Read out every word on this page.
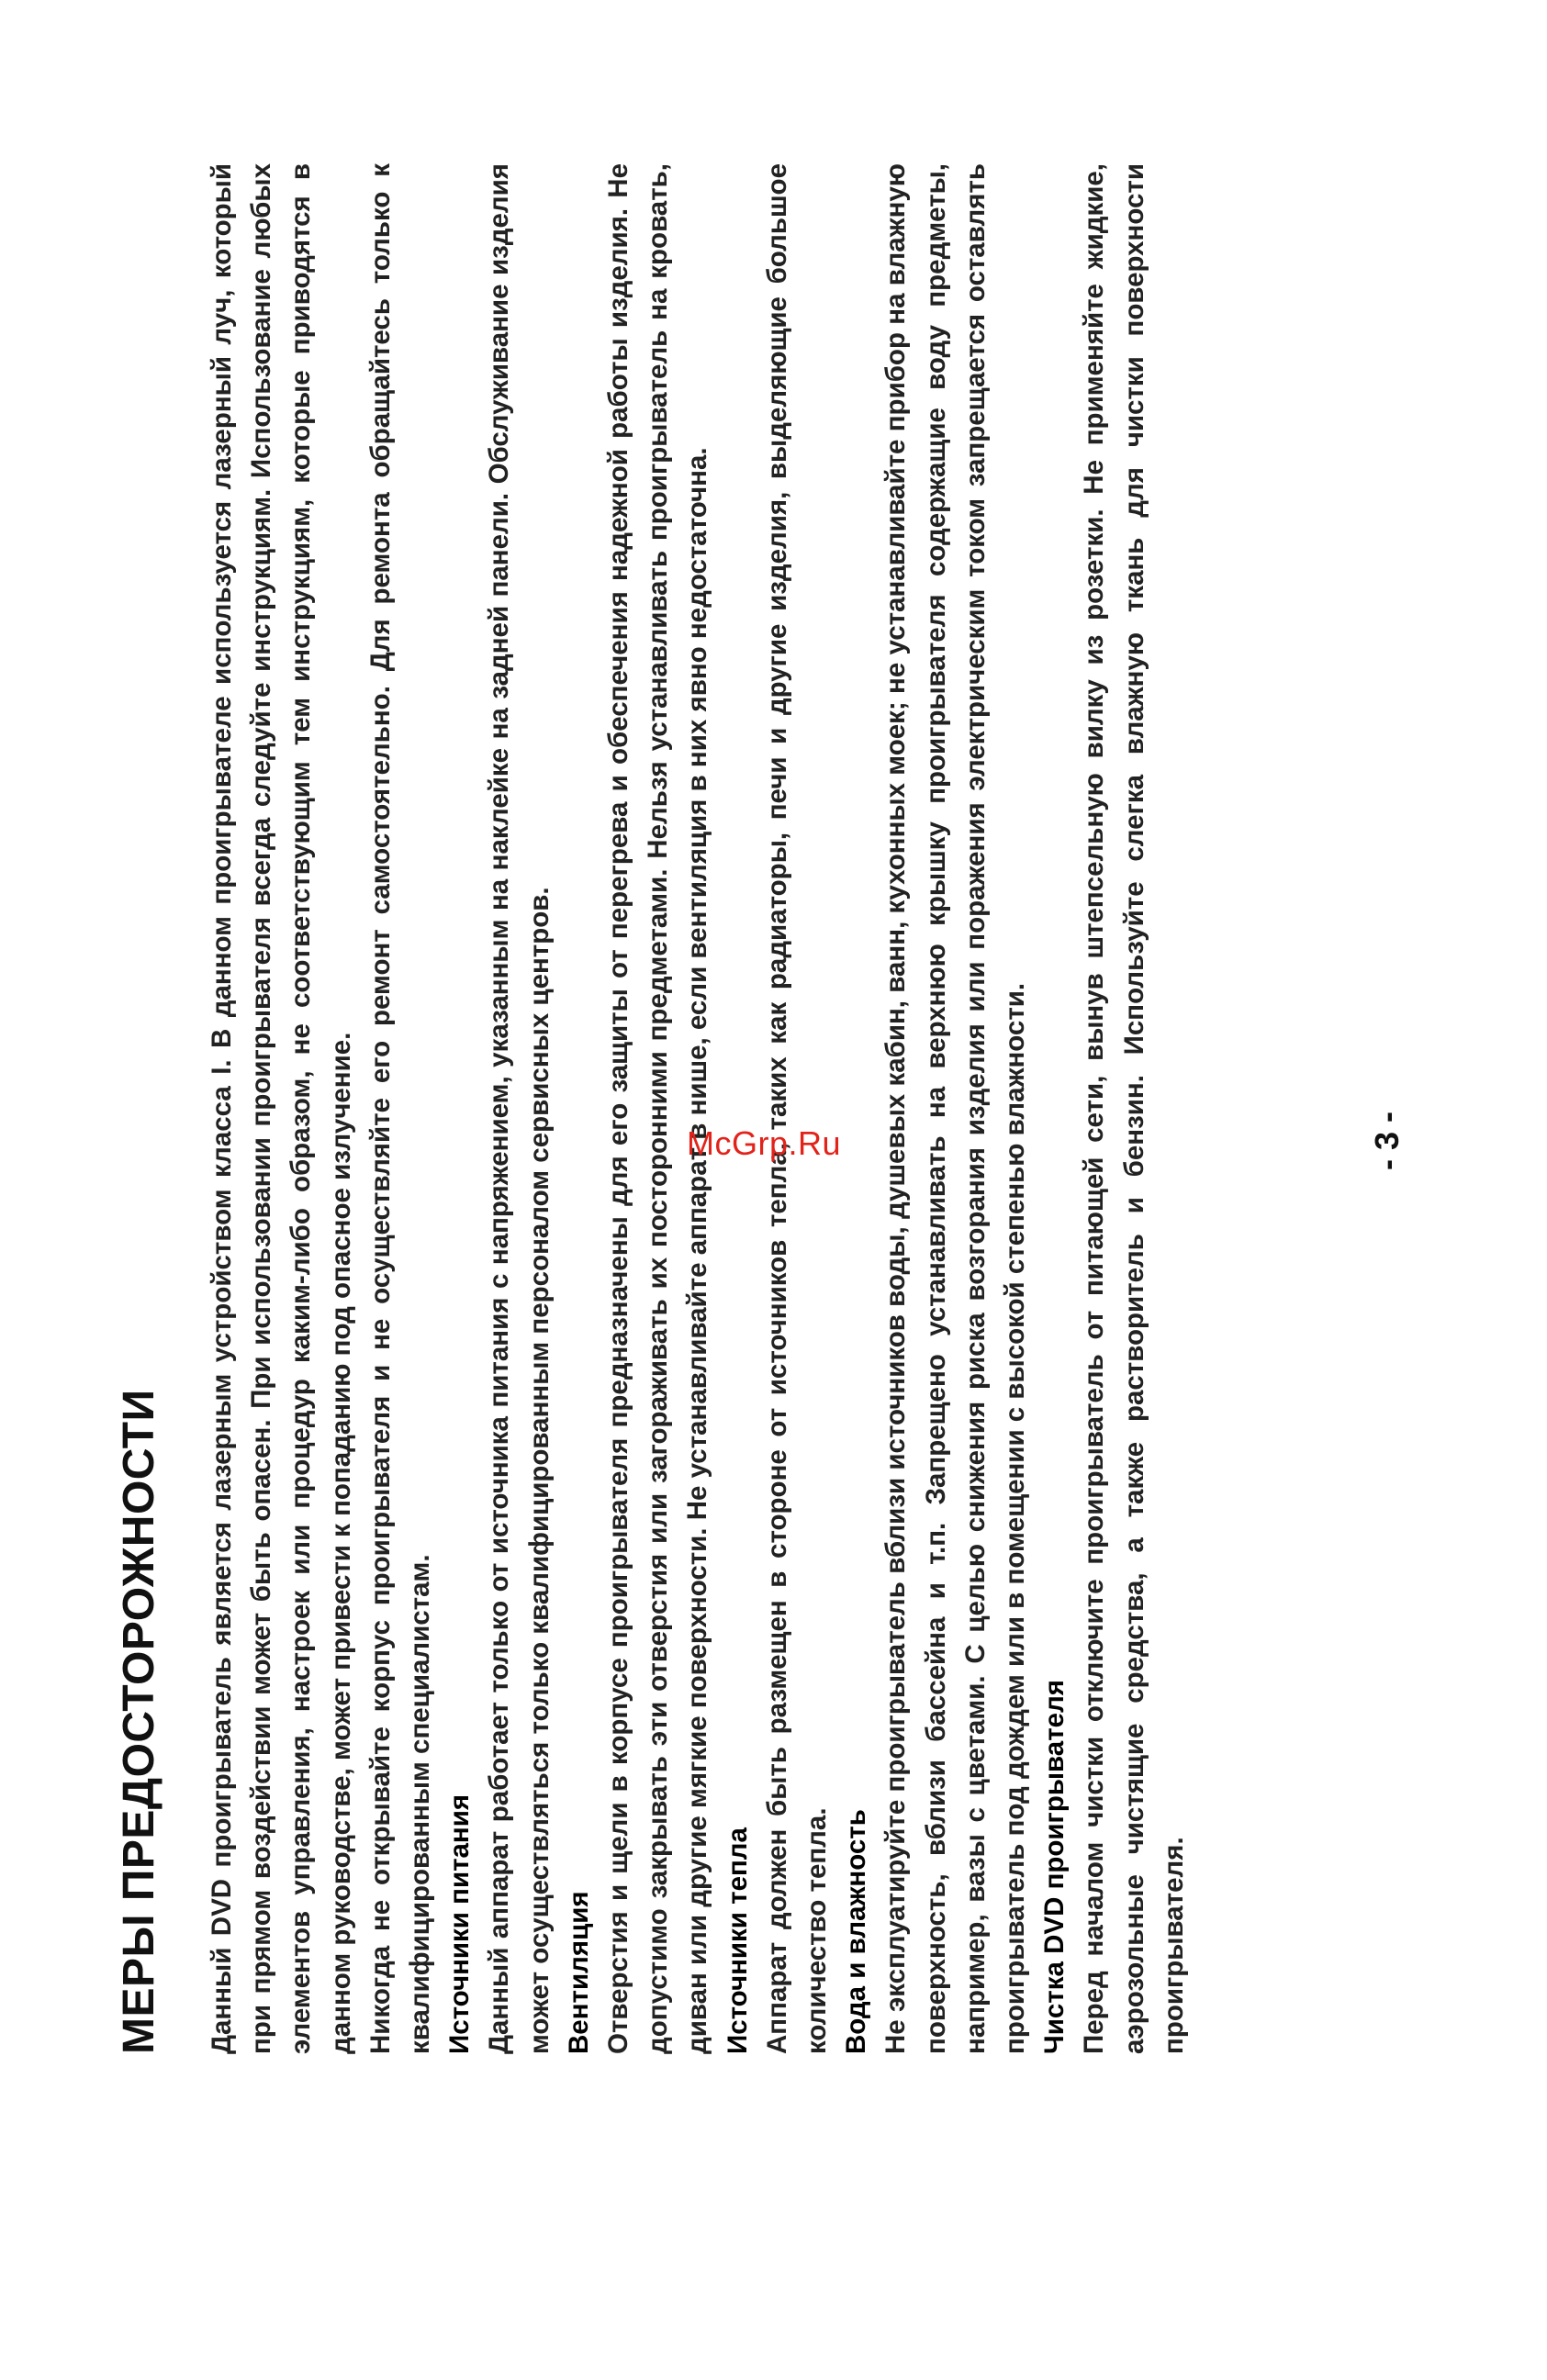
МЕРЫ ПРЕДОСТОРОЖНОСТИ Данный DVD проигрыватель является лазерным устройством класса I. В данном проигрывателе используется лазерный луч, который при прямом воздействии может быть опасен. При использовании проигрывателя всегда следуйте инструкциям. Использование любых элементов управления, настроек или процедур каким-либо образом, не соответствующим тем инструкциям, которые приводятся в данном руководстве, может привести к попаданию под опасное излучение. Никогда не открывайте корпус проигрывателя и не осуществляйте его ремонт самостоятельно. Для ремонта обращайтесь только к квалифицированным специалистам. Источники питания Данный аппарат работает только от источника питания с напряжением, указанным на наклейке на задней панели. Обслуживание изделия может осуществляться только квалифицированным персоналом сервисных центров. Вентиляция Отверстия и щели в корпусе проигрывателя предназначены для его защиты от перегрева и обеспечения надежной работы изделия. Не допустимо закрывать эти отверстия или загораживать их посторонними предметами. Нельзя устанавливать проигрыватель на кровать, диван или другие мягкие поверхности. Не устанавливайте аппарат в нише, если вентиляция в них явно недостаточна. Источники тепла Аппарат должен быть размещен в стороне от источников тепла, таких как радиаторы, печи и другие изделия, выделяющие большое количество тепла. Вода и влажность Не эксплуатируйте проигрыватель вблизи источников воды, душевых кабин, ванн, кухонных моек; не устанавливайте прибор на влажную поверхность, вблизи бассейна и т.п. Запрещено устанавливать на верхнюю крышку проигрывателя содержащие воду предметы, например, вазы с цветами. С целью снижения риска возгорания изделия или поражения электрическим током запрещается оставлять проигрыватель под дождем или в помещении с высокой степенью влажности. Чистка DVD проигрывателя Перед началом чистки отключите проигрыватель от питающей сети, вынув штепсельную вилку из розетки. Не применяйте жидкие, аэрозольные чистящие средства, а также растворитель и бензин. Используйте слегка влажную ткань для чистки поверхности проигрывателя.

- 3 -
McGrp.Ru
